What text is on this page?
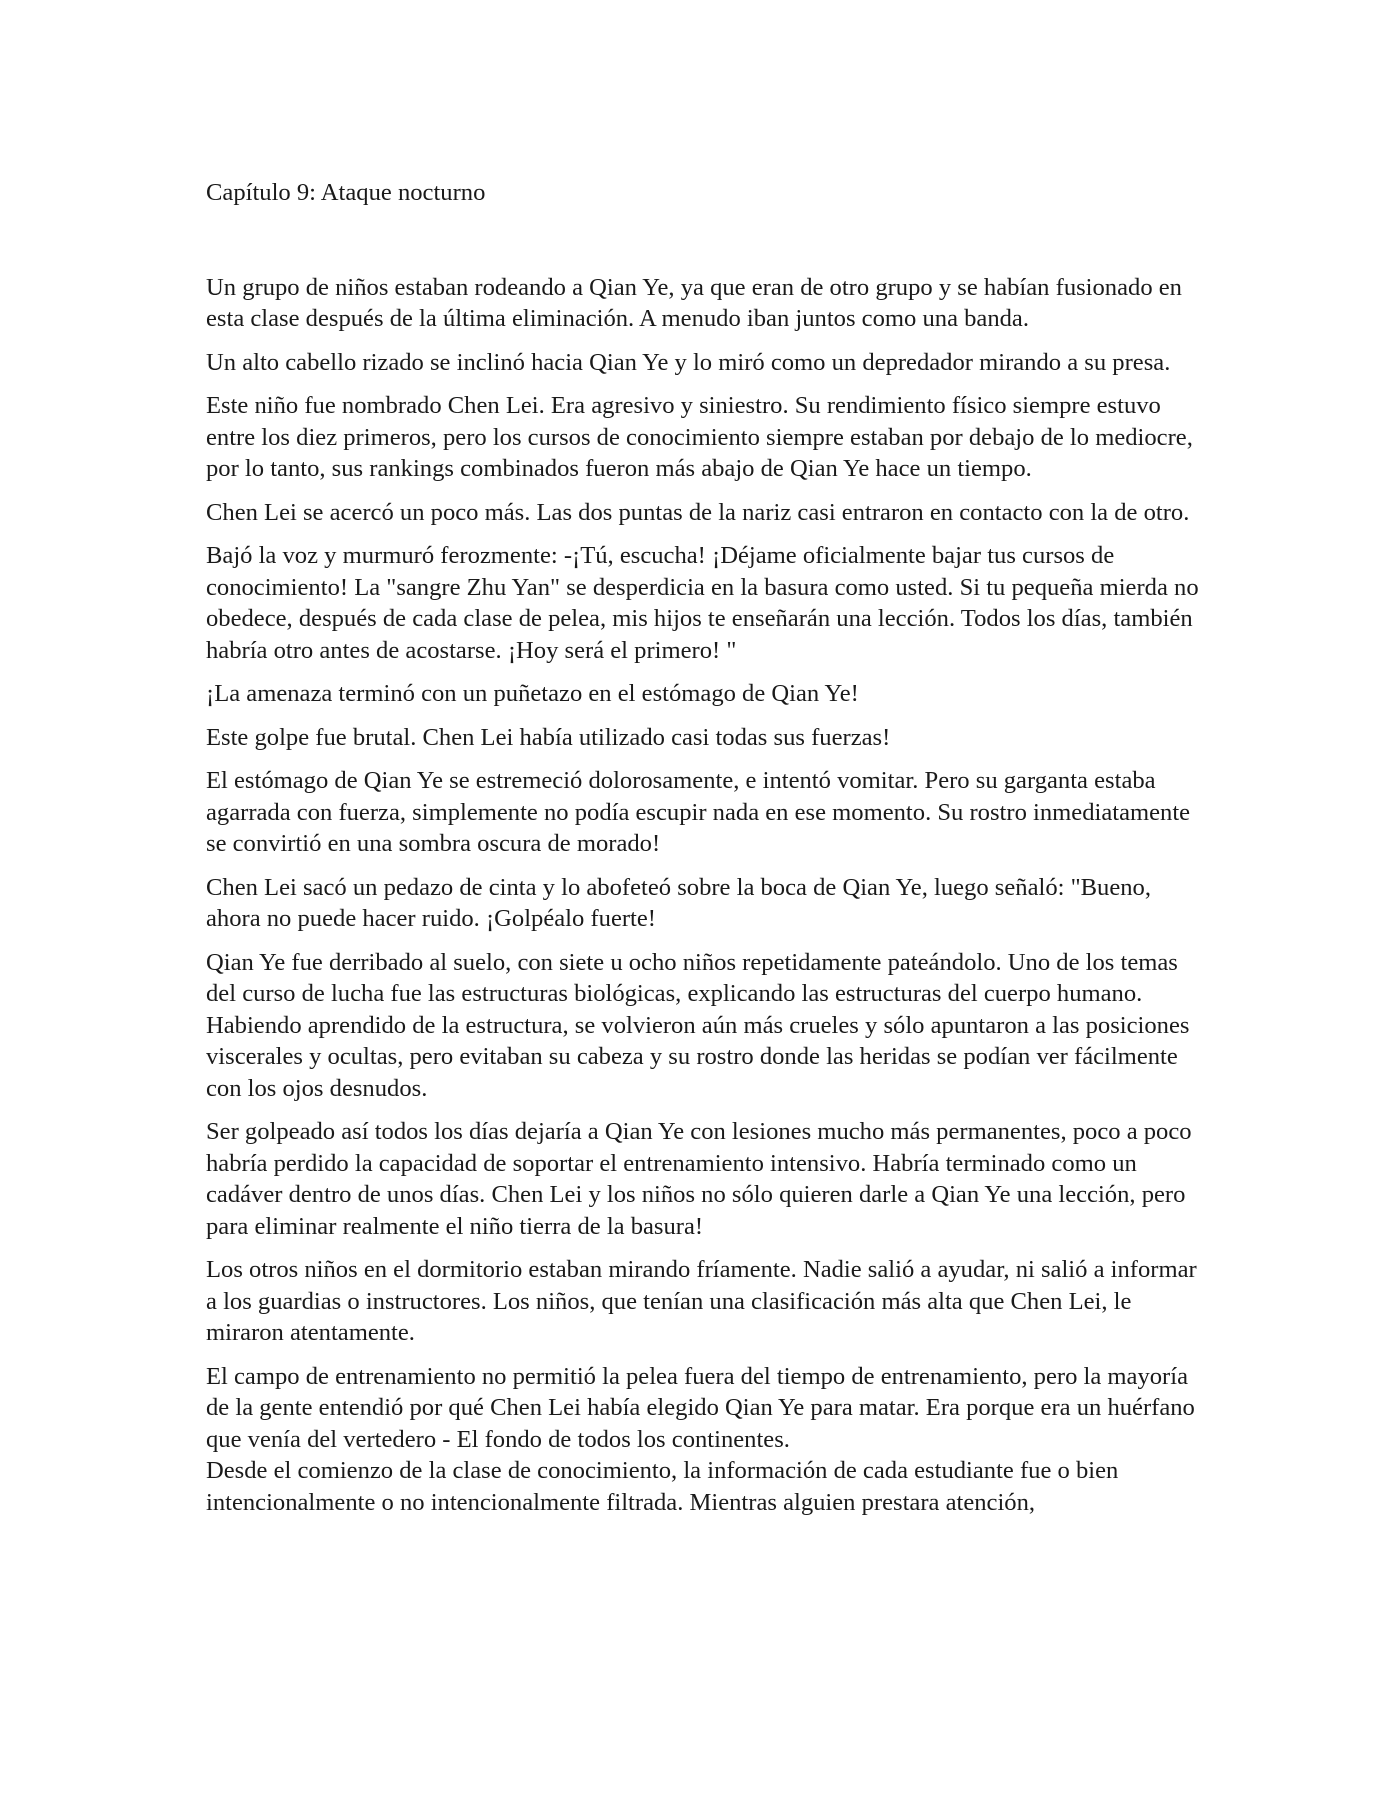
Capítulo 9: Ataque nocturno

Un grupo de niños estaban rodeando a Qian Ye, ya que eran de otro grupo y se habían fusionado en esta clase después de la última eliminación. A menudo iban juntos como una banda.

Un alto cabello rizado se inclinó hacia Qian Ye y lo miró como un depredador mirando a su presa.

Este niño fue nombrado Chen Lei. Era agresivo y siniestro. Su rendimiento físico siempre estuvo entre los diez primeros, pero los cursos de conocimiento siempre estaban por debajo de lo mediocre, por lo tanto, sus rankings combinados fueron más abajo de Qian Ye hace un tiempo.

Chen Lei se acercó un poco más. Las dos puntas de la nariz casi entraron en contacto con la de otro.

Bajó la voz y murmuró ferozmente: -¡Tú, escucha! ¡Déjame oficialmente bajar tus cursos de conocimiento! La "sangre Zhu Yan" se desperdicia en la basura como usted. Si tu pequeña mierda no obedece, después de cada clase de pelea, mis hijos te enseñarán una lección. Todos los días, también habría otro antes de acostarse. ¡Hoy será el primero! "

¡La amenaza terminó con un puñetazo en el estómago de Qian Ye!

Este golpe fue brutal. Chen Lei había utilizado casi todas sus fuerzas!

El estómago de Qian Ye se estremeció dolorosamente, e intentó vomitar. Pero su garganta estaba agarrada con fuerza, simplemente no podía escupir nada en ese momento. Su rostro inmediatamente se convirtió en una sombra oscura de morado!

Chen Lei sacó un pedazo de cinta y lo abofeteó sobre la boca de Qian Ye, luego señaló: "Bueno, ahora no puede hacer ruido. ¡Golpéalo fuerte!

Qian Ye fue derribado al suelo, con siete u ocho niños repetidamente pateándolo. Uno de los temas del curso de lucha fue las estructuras biológicas, explicando las estructuras del cuerpo humano. Habiendo aprendido de la estructura, se volvieron aún más crueles y sólo apuntaron a las posiciones viscerales y ocultas, pero evitaban su cabeza y su rostro donde las heridas se podían ver fácilmente con los ojos desnudos.

Ser golpeado así todos los días dejaría a Qian Ye con lesiones mucho más permanentes, poco a poco habría perdido la capacidad de soportar el entrenamiento intensivo. Habría terminado como un cadáver dentro de unos días. Chen Lei y los niños no sólo quieren darle a Qian Ye una lección, pero para eliminar realmente el niño tierra de la basura!

Los otros niños en el dormitorio estaban mirando fríamente. Nadie salió a ayudar, ni salió a informar a los guardias o instructores. Los niños, que tenían una clasificación más alta que Chen Lei, le miraron atentamente.

El campo de entrenamiento no permitió la pelea fuera del tiempo de entrenamiento, pero la mayoría de la gente entendió por qué Chen Lei había elegido Qian Ye para matar. Era porque era un huérfano que venía del vertedero - El fondo de todos los continentes.

Desde el comienzo de la clase de conocimiento, la información de cada estudiante fue o bien intencionalmente o no intencionalmente filtrada. Mientras alguien prestara atención,
